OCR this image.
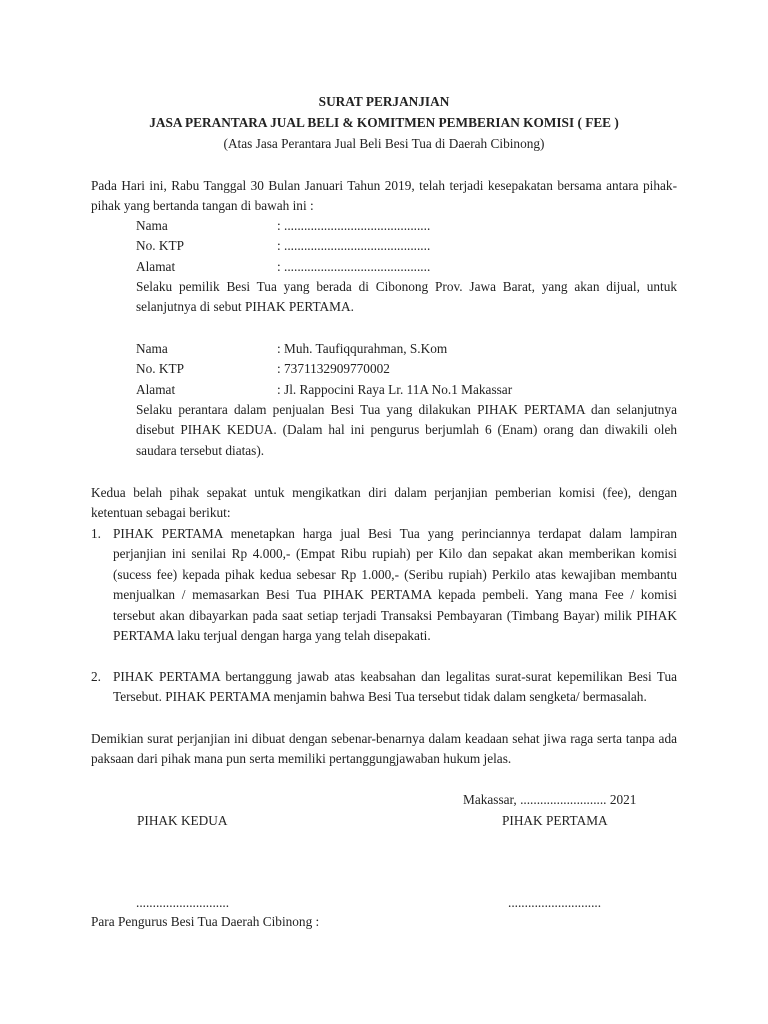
SURAT PERJANJIAN
JASA PERANTARA JUAL BELI & KOMITMEN PEMBERIAN KOMISI ( FEE )
(Atas Jasa Perantara Jual Beli Besi Tua di Daerah Cibinong)
Pada Hari ini, Rabu Tanggal 30 Bulan Januari Tahun 2019, telah terjadi kesepakatan bersama antara pihak-pihak yang bertanda tangan di bawah ini :
Nama	: ............................................
No. KTP	: ............................................
Alamat	: ............................................
Selaku pemilik Besi Tua yang berada di Cibonong Prov. Jawa Barat, yang akan dijual, untuk selanjutnya di sebut PIHAK PERTAMA.
Nama	: Muh. Taufiqqurahman, S.Kom
No. KTP	: 7371132909770002
Alamat	: Jl. Rappocini Raya Lr. 11A No.1 Makassar
Selaku perantara dalam penjualan Besi Tua yang dilakukan PIHAK PERTAMA dan selanjutnya disebut PIHAK KEDUA. (Dalam hal ini pengurus berjumlah 6 (Enam) orang dan diwakili oleh saudara tersebut diatas).
Kedua belah pihak sepakat untuk mengikatkan diri dalam perjanjian pemberian komisi (fee), dengan ketentuan sebagai berikut:
1. PIHAK PERTAMA menetapkan harga jual Besi Tua yang perinciannya terdapat dalam lampiran perjanjian ini senilai Rp 4.000,- (Empat Ribu rupiah) per Kilo dan sepakat akan memberikan komisi (sucess fee) kepada pihak kedua sebesar Rp 1.000,- (Seribu rupiah) Perkilo atas kewajiban membantu menjualkan / memasarkan Besi Tua PIHAK PERTAMA kepada pembeli. Yang mana Fee / komisi tersebut akan dibayarkan pada saat setiap terjadi Transaksi Pembayaran (Timbang Bayar) milik PIHAK PERTAMA laku terjual dengan harga yang telah disepakati.
2. PIHAK PERTAMA bertanggung jawab atas keabsahan dan legalitas surat-surat kepemilikan Besi Tua Tersebut. PIHAK PERTAMA menjamin bahwa Besi Tua tersebut tidak dalam sengketa/ bermasalah.
Demikian surat perjanjian ini dibuat dengan sebenar-benarnya dalam keadaan sehat jiwa raga serta tanpa ada paksaan dari pihak mana pun serta memiliki pertanggungjawaban hukum jelas.
Makassar, .......................... 2021
PIHAK KEDUA	PIHAK PERTAMA
............................	............................
Para Pengurus Besi Tua Daerah Cibinong :
